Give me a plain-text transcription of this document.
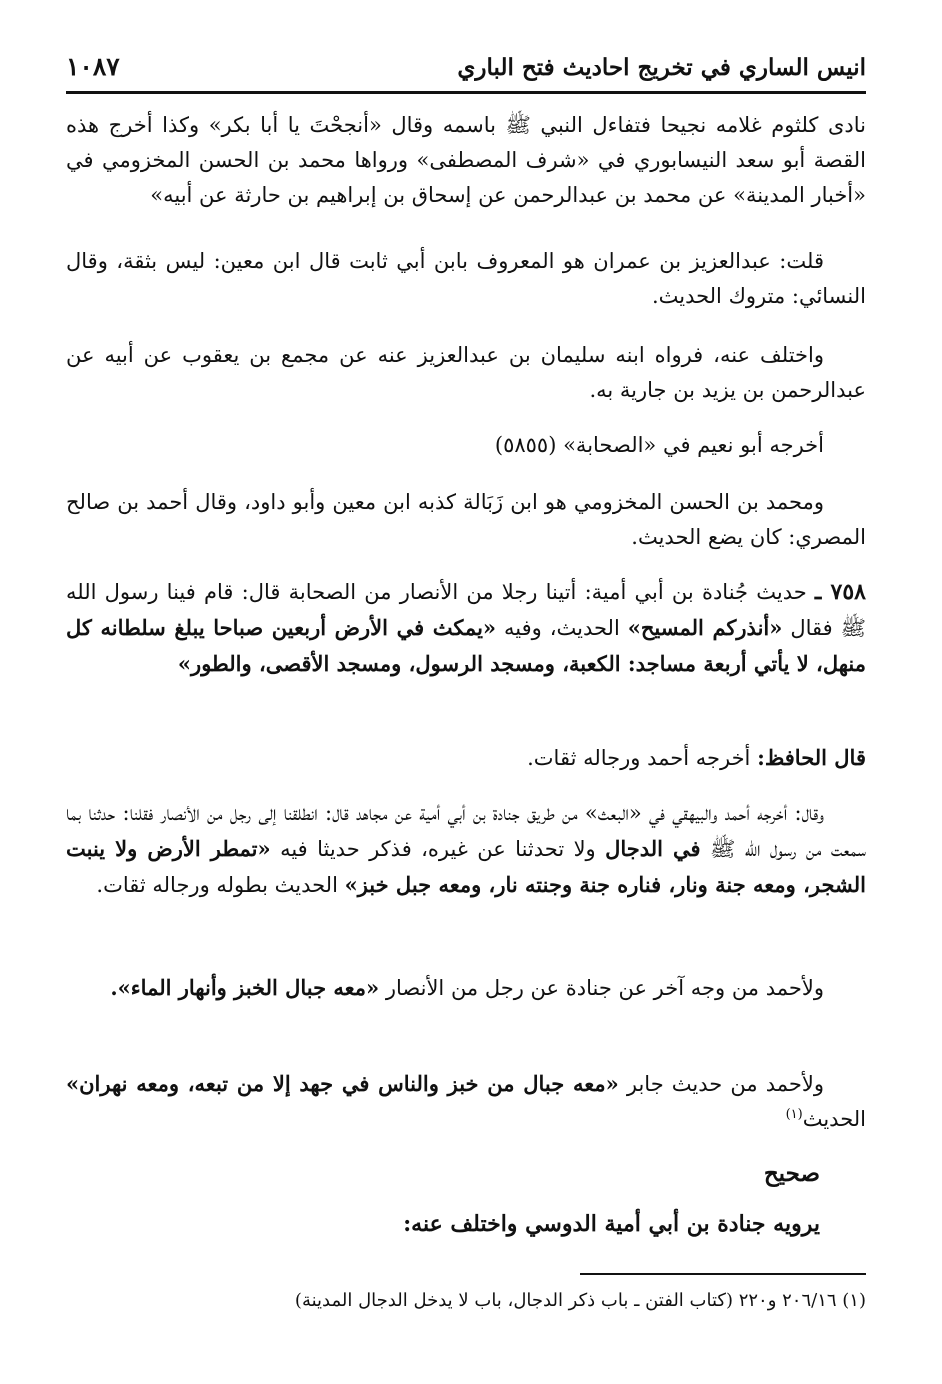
انيس الساري في تخريج احاديث فتح الباري
١٠٨٧

نادى كلثوم غلامه نجيحا فتفاءل النبي ﷺ باسمه وقال «أنجحْتَ يا أبا بكر» وكذا أخرج هذه القصة أبو سعد النيسابوري في «شرف المصطفى» ورواها محمد بن الحسن المخزومي في «أخبار المدينة» عن محمد بن عبدالرحمن عن إسحاق بن إبراهيم بن حارثة عن أبيه»

قلت: عبدالعزيز بن عمران هو المعروف بابن أبي ثابت قال ابن معين: ليس بثقة، وقال النسائي: متروك الحديث.

واختلف عنه، فرواه ابنه سليمان بن عبدالعزيز عنه عن مجمع بن يعقوب عن أبيه عن عبدالرحمن بن يزيد بن جارية به.

أخرجه أبو نعيم في «الصحابة» (٥٨٥٥)

ومحمد بن الحسن المخزومي هو ابن زَبَالة كذبه ابن معين وأبو داود، وقال أحمد بن صالح المصري: كان يضع الحديث.

٧٥٨ ـ حديث جُنادة بن أبي أمية: أتينا رجلا من الأنصار من الصحابة قال: قام فينا رسول الله ﷺ فقال «أنذركم المسيح» الحديث، وفيه «يمكث في الأرض أربعين صباحا يبلغ سلطانه كل منهل، لا يأتي أربعة مساجد: الكعبة، ومسجد الرسول، ومسجد الأقصى، والطور»
قال الحافظ: أخرجه أحمد ورجاله ثقات.
وقال: أخرجه أحمد والبيهقي في «البعث» من طريق جنادة بن أبي أمية عن مجاهد قال: انطلقنا إلى رجل من الأنصار فقلنا: حدثنا بما سمعت من رسول الله ﷺ في الدجال ولا تحدثنا عن غيره، فذكر حديثا فيه «تمطر الأرض ولا ينبت الشجر، ومعه جنة ونار، فناره جنة وجنته نار، ومعه جبل خبز» الحديث بطوله ورجاله ثقات.
ولأحمد من وجه آخر عن جنادة عن رجل من الأنصار «معه جبال الخبز وأنهار الماء».
ولأحمد من حديث جابر «معه جبال من خبز والناس في جهد إلا من تبعه، ومعه نهران» الحديث$^{(١)}$
صحيح
يرويه جنادة بن أبي أمية الدوسي واختلف عنه:
(١) ٢٠٦/١٦ و٢٢٠ (كتاب الفتن ـ باب ذكر الدجال، باب لا يدخل الدجال المدينة)
